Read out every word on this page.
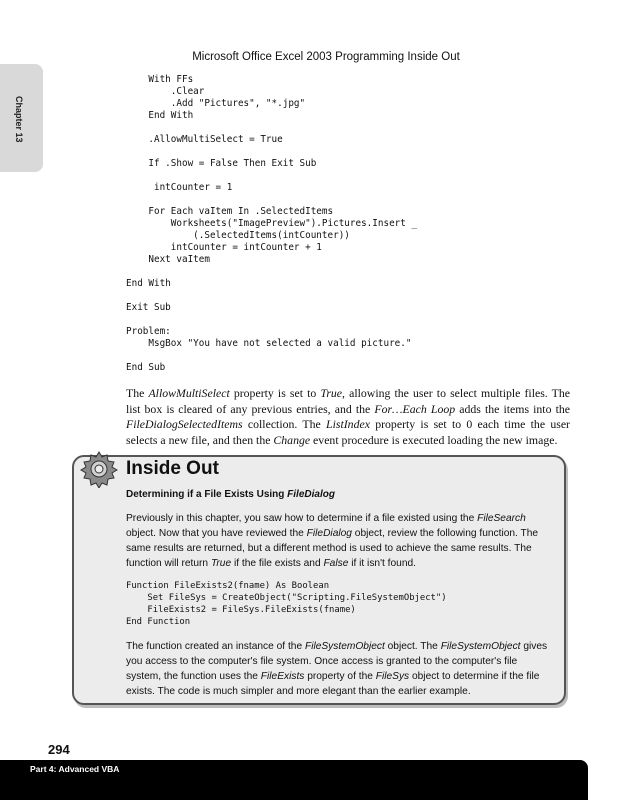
Microsoft Office Excel 2003 Programming Inside Out
Chapter 13
With FFs
.Clear
.Add "Pictures", "*.jpg"
End With

.AllowMultiSelect = True

If .Show = False Then Exit Sub

intCounter = 1

For Each vaItem In .SelectedItems
Worksheets("ImagePreview").Pictures.Insert _
(.SelectedItems(intCounter))
intCounter = intCounter + 1
Next vaItem

End With

Exit Sub

Problem:
MsgBox "You have not selected a valid picture."

End Sub

The AllowMultiSelect property is set to True, allowing the user to select multiple files. The list box is cleared of any previous entries, and the For…Each Loop adds the items into the FileDialogSelectedItems collection. The ListIndex property is set to 0 each time the user selects a new file, and then the Change event procedure is executed loading the new image.

Inside Out
Determining if a File Exists Using FileDialog

Previously in this chapter, you saw how to determine if a file existed using the FileSearch object. Now that you have reviewed the FileDialog object, review the following function. The same results are returned, but a different method is used to achieve the same results. The function will return True if the file exists and False if it isn't found.

Function FileExists2(fname) As Boolean
Set FileSys = CreateObject("Scripting.FileSystemObject")
FileExists2 = FileSys.FileExists(fname)
End Function

The function created an instance of the FileSystemObject object. The FileSystemObject gives you access to the computer's file system. Once access is granted to the computer's file system, the function uses the FileExists property of the FileSys object to determine if the file exists. The code is much simpler and more elegant than the earlier example.

294
Part 4: Advanced VBA
